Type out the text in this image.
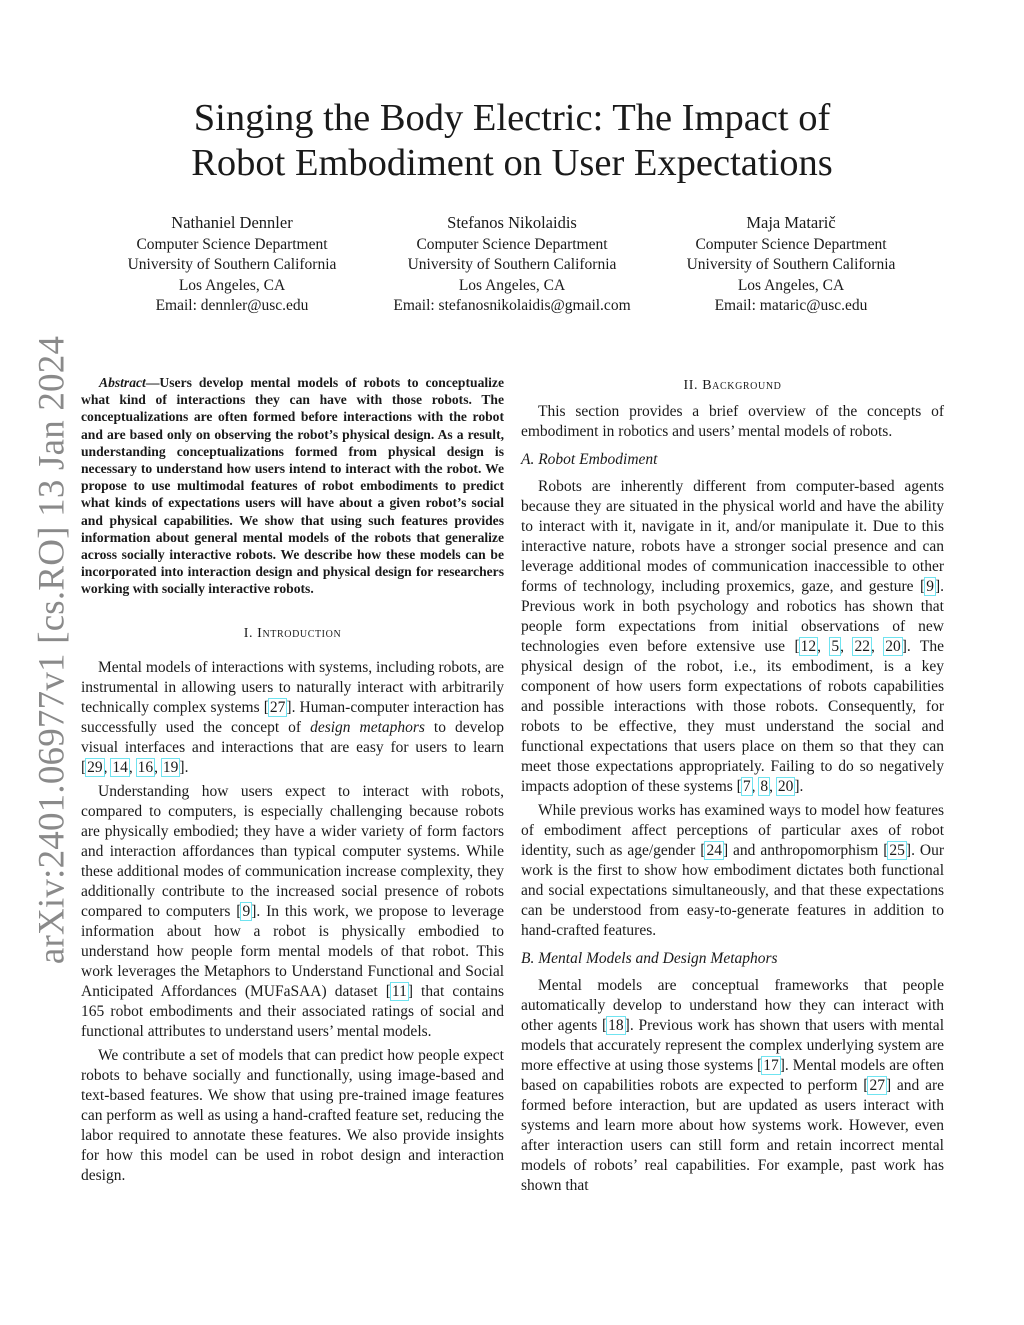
arXiv:2401.06977v1 [cs.RO] 13 Jan 2024
Singing the Body Electric: The Impact of
Robot Embodiment on User Expectations
Nathaniel Dennler
Computer Science Department
University of Southern California
Los Angeles, CA
Email: dennler@usc.edu
Stefanos Nikolaidis
Computer Science Department
University of Southern California
Los Angeles, CA
Email: stefanosnikolaidis@gmail.com
Maja Matarič
Computer Science Department
University of Southern California
Los Angeles, CA
Email: mataric@usc.edu

Abstract—Users develop mental models of robots to conceptualize what kind of interactions they can have with those robots. The conceptualizations are often formed before interactions with the robot and are based only on observing the robot’s physical design. As a result, understanding conceptualizations formed from physical design is necessary to understand how users intend to interact with the robot. We propose to use multimodal features of robot embodiments to predict what kinds of expectations users will have about a given robot’s social and physical capabilities. We show that using such features provides information about general mental models of the robots that generalize across socially interactive robots. We describe how these models can be incorporated into interaction design and physical design for researchers working with socially interactive robots.

I. Introduction

Mental models of interactions with systems, including robots, are instrumental in allowing users to naturally interact with arbitrarily technically complex systems [27]. Human-computer interaction has successfully used the concept of design metaphors to develop visual interfaces and interactions that are easy for users to learn [29, 14, 16, 19].

Understanding how users expect to interact with robots, compared to computers, is especially challenging because robots are physically embodied; they have a wider variety of form factors and interaction affordances than typical computer systems. While these additional modes of communication increase complexity, they additionally contribute to the increased social presence of robots compared to computers [9]. In this work, we propose to leverage information about how a robot is physically embodied to understand how people form mental models of that robot. This work leverages the Metaphors to Understand Functional and Social Anticipated Affordances (MUFaSAA) dataset [11] that contains 165 robot embodiments and their associated ratings of social and functional attributes to understand users’ mental models.

We contribute a set of models that can predict how people expect robots to behave socially and functionally, using image-based and text-based features. We show that using pre-trained image features can perform as well as using a hand-crafted feature set, reducing the labor required to annotate these features. We also provide insights for how this model can be used in robot design and interaction design.

II. Background

This section provides a brief overview of the concepts of embodiment in robotics and users’ mental models of robots.

A. Robot Embodiment

Robots are inherently different from computer-based agents because they are situated in the physical world and have the ability to interact with it, navigate in it, and/or manipulate it. Due to this interactive nature, robots have a stronger social presence and can leverage additional modes of communication inaccessible to other forms of technology, including proxemics, gaze, and gesture [9]. Previous work in both psychology and robotics has shown that people form expectations from initial observations of new technologies even before extensive use [12, 5, 22, 20]. The physical design of the robot, i.e., its embodiment, is a key component of how users form expectations of robots capabilities and possible interactions with those robots. Consequently, for robots to be effective, they must understand the social and functional expectations that users place on them so that they can meet those expectations appropriately. Failing to do so negatively impacts adoption of these systems [7, 8, 20].

While previous works has examined ways to model how features of embodiment affect perceptions of particular axes of robot identity, such as age/gender [24] and anthropomorphism [25]. Our work is the first to show how embodiment dictates both functional and social expectations simultaneously, and that these expectations can be understood from easy-to-generate features in addition to hand-crafted features.

B. Mental Models and Design Metaphors

Mental models are conceptual frameworks that people automatically develop to understand how they can interact with other agents [18]. Previous work has shown that users with mental models that accurately represent the complex underlying system are more effective at using those systems [17]. Mental models are often based on capabilities robots are expected to perform [27] and are formed before interaction, but are updated as users interact with systems and learn more about how systems work. However, even after interaction users can still form and retain incorrect mental models of robots’ real capabilities. For example, past work has shown that
